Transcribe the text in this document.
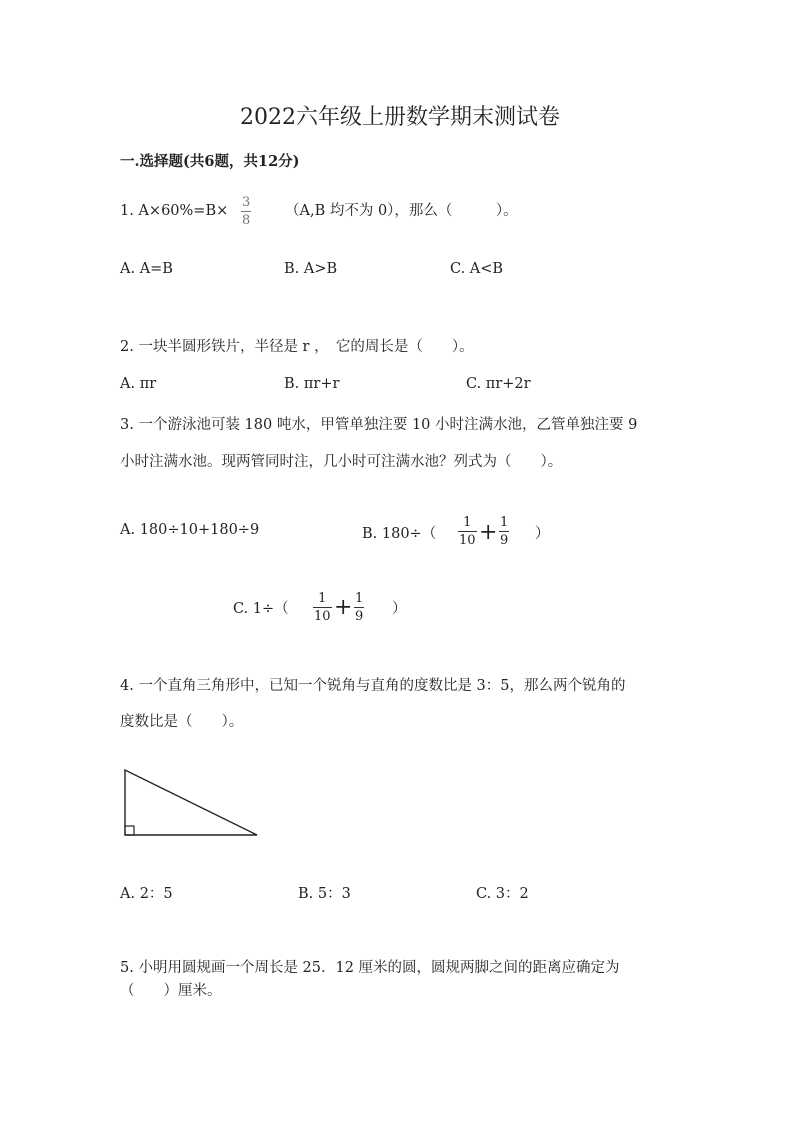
2022六年级上册数学期末测试卷
一.选择题(共6题，共12分)
1. A×60%=B×
3
8
（A,B 均不为 0），那么（　　　）。
A. A=B	B. A>B	C. A<B
2. 一块半圆形铁片，半径是 r ，　它的周长是（　　）。
A. πr	B. πr+r	C. πr+2r
3. 一个游泳池可装 180 吨水，甲管单独注要 10 小时注满水池，乙管单独注要 9
小时注满水池。现两管同时注，几小时可注满水池？列式为（　　）。
A. 180÷10+180÷9	B. 180÷（
1
10 + 1
9 ）
C. 1÷（
1
10 + 1
9 ）
4. 一个直角三角形中，已知一个锐角与直角的度数比是 3：5，那么两个锐角的
度数比是（　　）。
A. 2：5	B. 5：3	C. 3：2
5. 小明用圆规画一个周长是 25．12 厘米的圆，圆规两脚之间的距离应确定为
（　　）厘米。
